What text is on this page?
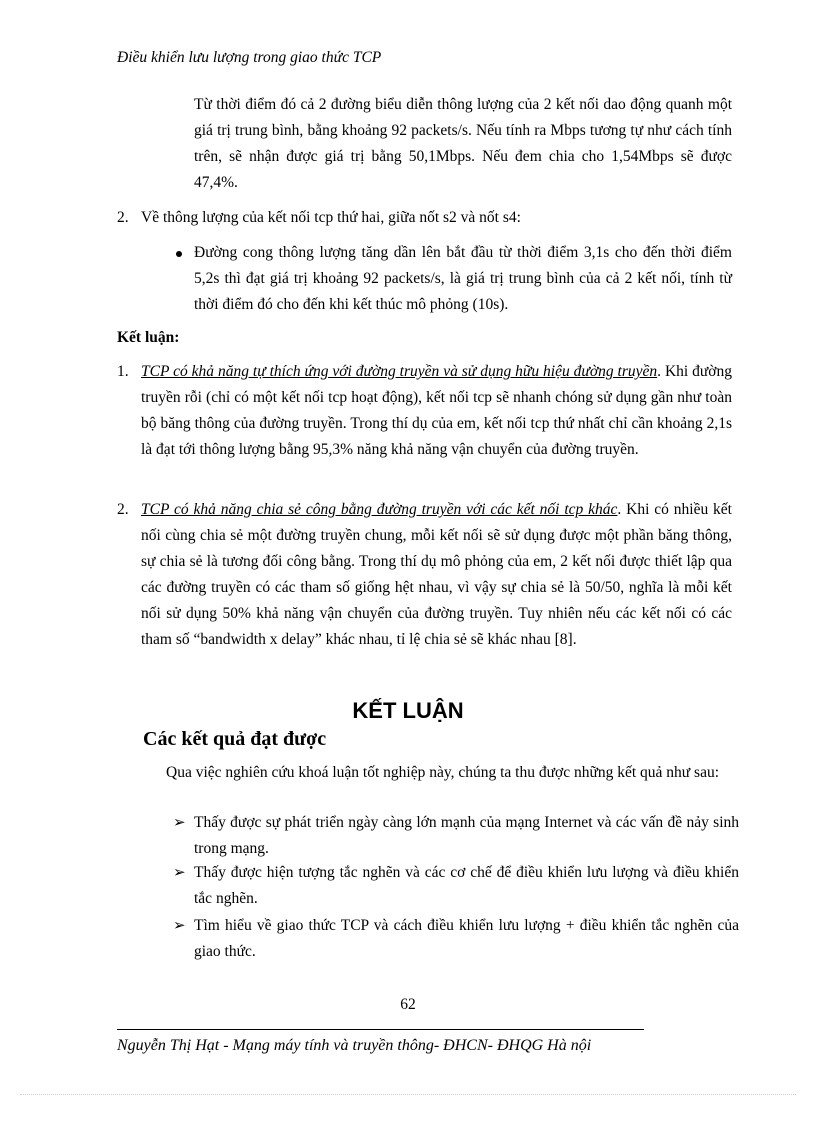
Điều khiển lưu lượng trong giao thức TCP
Từ thời điểm đó cả 2 đường biểu diễn thông lượng của 2 kết nối dao động quanh một giá trị trung bình, bằng khoảng 92 packets/s. Nếu tính ra Mbps tương tự như cách tính trên, sẽ nhận được giá trị bằng 50,1Mbps. Nếu đem chia cho 1,54Mbps sẽ được 47,4%.
2. Về thông lượng của kết nối tcp thứ hai, giữa nốt s2 và nốt s4:
Đường cong thông lượng tăng dần lên bắt đầu từ thời điểm 3,1s cho đến thời điểm 5,2s thì đạt giá trị khoảng 92 packets/s, là giá trị trung bình của cả 2 kết nối, tính từ thời điểm đó cho đến khi kết thúc mô phỏng (10s).
Kết luận:
1. TCP có khả năng tự thích ứng với đường truyền và sử dụng hữu hiệu đường truyền. Khi đường truyền rỗi (chỉ có một kết nối tcp hoạt động), kết nối tcp sẽ nhanh chóng sử dụng gần như toàn bộ băng thông của đường truyền. Trong thí dụ của em, kết nối tcp thứ nhất chỉ cần khoảng 2,1s là đạt tới thông lượng bằng 95,3% năng khả năng vận chuyển của đường truyền.
2. TCP có khả năng chia sẻ công bằng đường truyền với các kết nối tcp khác. Khi có nhiều kết nối cùng chia sẻ một đường truyền chung, mỗi kết nối sẽ sử dụng được một phần băng thông, sự chia sẻ là tương đối công bằng. Trong thí dụ mô phỏng của em, 2 kết nối được thiết lập qua các đường truyền có các tham số giống hệt nhau, vì vậy sự chia sẻ là 50/50, nghĩa là mỗi kết nối sử dụng 50% khả năng vận chuyển của đường truyền. Tuy nhiên nếu các kết nối có các tham số “bandwidth x delay” khác nhau, tỉ lệ chia sẻ sẽ khác nhau [8].
KẾT LUẬN
Các kết quả đạt được
Qua việc nghiên cứu khoá luận tốt nghiệp này, chúng ta thu được những kết quả như sau:
➢ Thấy được sự phát triển ngày càng lớn mạnh của mạng Internet và các vấn đề nảy sinh trong mạng.
➢ Thấy được hiện tượng tắc nghẽn và các cơ chế để điều khiển lưu lượng và điều khiển tắc nghẽn.
➢ Tìm hiểu về giao thức TCP và cách điều khiển lưu lượng + điều khiển tắc nghẽn của giao thức.
62
Nguyễn Thị Hạt - Mạng máy tính và truyền thông- ĐHCN- ĐHQG Hà nội
